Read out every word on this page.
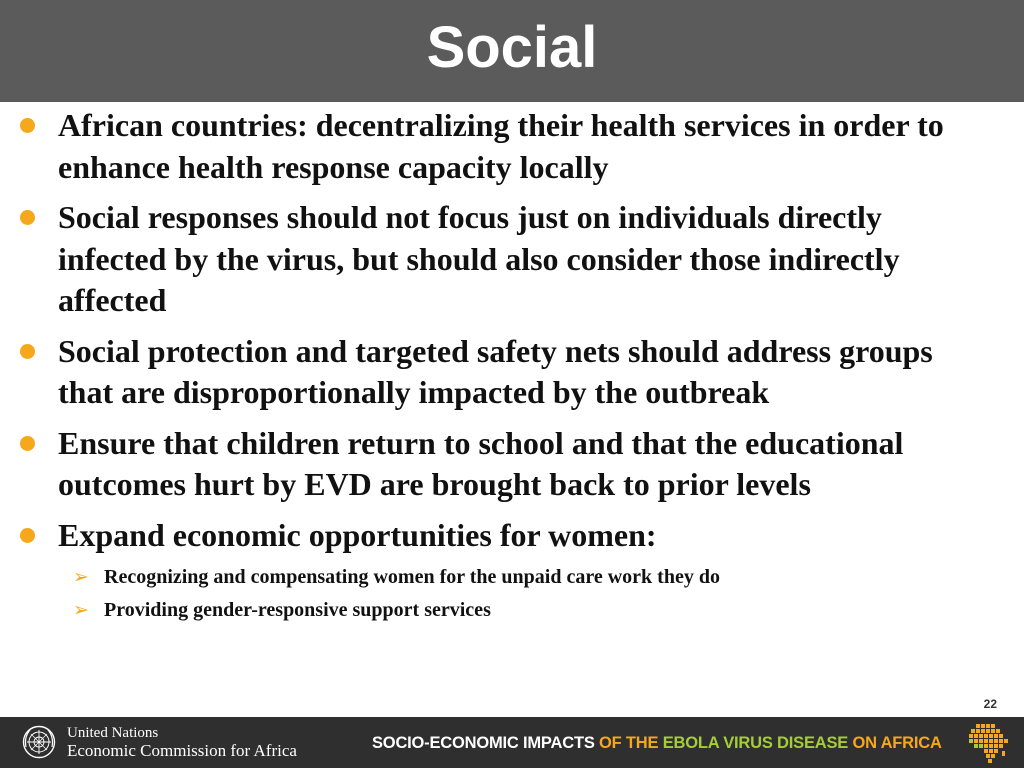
Social
African countries: decentralizing their health services in order to enhance health response capacity locally
Social responses should not focus just on individuals directly infected by the virus, but should also consider those indirectly affected
Social protection and targeted safety nets should address groups that are disproportionally impacted by the outbreak
Ensure that children return to school and that the educational outcomes hurt by EVD are brought back to prior levels
Expand economic opportunities for women:
➢ Recognizing and compensating women for the unpaid care work they do
➢ Providing gender-responsive support services
22
United Nations
Economic Commission for Africa	SOCIO-ECONOMIC IMPACTS OF THE EBOLA VIRUS DISEASE ON AFRICA
